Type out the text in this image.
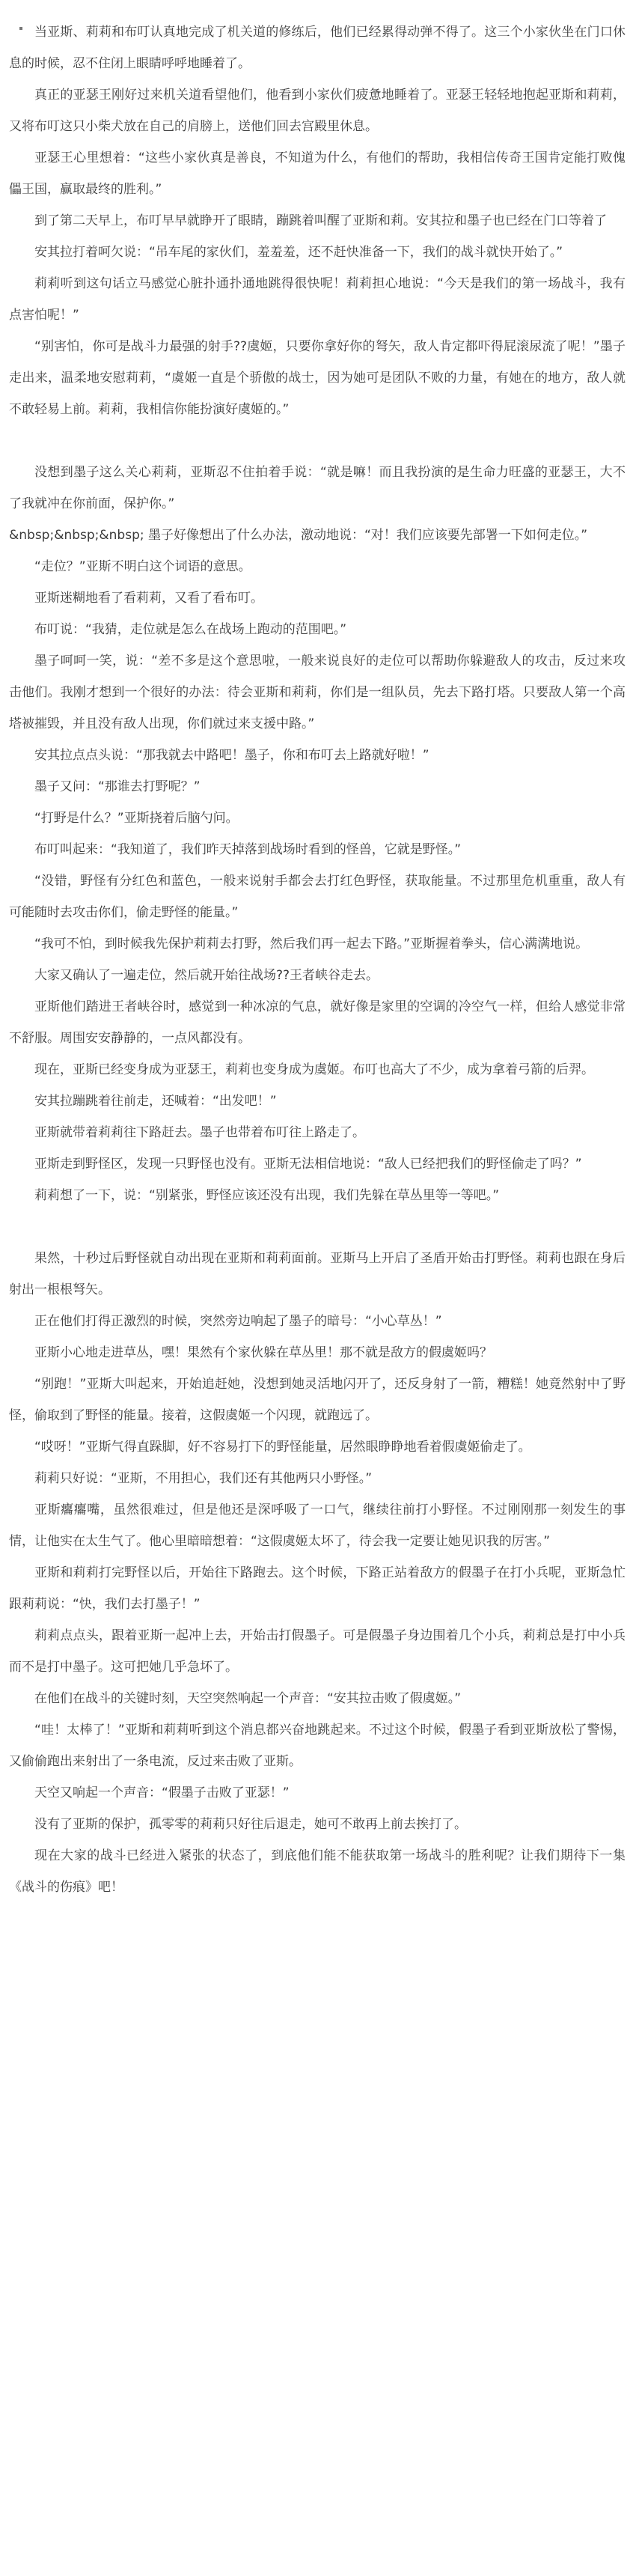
当亚斯、莉莉和布叮认真地完成了机关道的修练后，他们已经累得动弹不得了。这三个小家伙坐在门口休息的时候，忍不住闭上眼睛呼呼地睡着了。

真正的亚瑟王刚好过来机关道看望他们，他看到小家伙们疲惫地睡着了。亚瑟王轻轻地抱起亚斯和莉莉，又将布叮这只小柴犬放在自己的肩膀上，送他们回去宫殿里休息。

亚瑟王心里想着：“这些小家伙真是善良，不知道为什么，有他们的帮助，我相信传奇王国肯定能打败傀儡王国，赢取最终的胜利。”

到了第二天早上，布叮早早就睁开了眼睛，蹦跳着叫醒了亚斯和莉。安其拉和墨子也已经在门口等着了

安其拉打着呵欠说：“吊车尾的家伙们，羞羞羞，还不赶快准备一下，我们的战斗就快开始了。”

莉莉听到这句话立马感觉心脏扑通扑通地跳得很快呢！莉莉担心地说：“今天是我们的第一场战斗，我有点害怕呢！”

“别害怕，你可是战斗力最强的射手??虞姬，只要你拿好你的弩矢，敌人肯定都吓得屁滚尿流了呢！”墨子走出来，温柔地安慰莉莉，“虞姬一直是个骄傲的战士，因为她可是团队不败的力量，有她在的地方，敌人就不敢轻易上前。莉莉，我相信你能扮演好虞姬的。”

没想到墨子这么关心莉莉，亚斯忍不住拍着手说：“就是嘛！而且我扮演的是生命力旺盛的亚瑟王，大不了我就冲在你前面，保护你。”

&nbsp;&nbsp;&nbsp; 墨子好像想出了什么办法，激动地说：“对！我们应该要先部署一下如何走位。”

“走位？”亚斯不明白这个词语的意思。

亚斯迷糊地看了看莉莉，又看了看布叮。

布叮说：“我猜，走位就是怎么在战场上跑动的范围吧。”

墨子呵呵一笑，说：“差不多是这个意思啦，一般来说良好的走位可以帮助你躲避敌人的攻击，反过来攻击他们。我刚才想到一个很好的办法：待会亚斯和莉莉，你们是一组队员，先去下路打塔。只要敌人第一个高塔被摧毁，并且没有敌人出现，你们就过来支援中路。”

安其拉点点头说：“那我就去中路吧！墨子，你和布叮去上路就好啦！”

墨子又问：“那谁去打野呢？”

“打野是什么？”亚斯挠着后脑勺问。

布叮叫起来：“我知道了，我们昨天掉落到战场时看到的怪兽，它就是野怪。”

“没错，野怪有分红色和蓝色，一般来说射手都会去打红色野怪，获取能量。不过那里危机重重，敌人有可能随时去攻击你们，偷走野怪的能量。”

“我可不怕，到时候我先保护莉莉去打野，然后我们再一起去下路。”亚斯握着拳头，信心满满地说。

大家又确认了一遍走位，然后就开始往战场??王者峡谷走去。

亚斯他们踏进王者峡谷时，感觉到一种冰凉的气息，就好像是家里的空调的冷空气一样，但给人感觉非常不舒服。周围安安静静的，一点风都没有。

现在，亚斯已经变身成为亚瑟王，莉莉也变身成为虞姬。布叮也高大了不少，成为拿着弓箭的后羿。

安其拉蹦跳着往前走，还喊着：“出发吧！”

亚斯就带着莉莉往下路赶去。墨子也带着布叮往上路走了。

亚斯走到野怪区，发现一只野怪也没有。亚斯无法相信地说：“敌人已经把我们的野怪偷走了吗？”

莉莉想了一下，说：“别紧张，野怪应该还没有出现，我们先躲在草丛里等一等吧。”

果然，十秒过后野怪就自动出现在亚斯和莉莉面前。亚斯马上开启了圣盾开始击打野怪。莉莉也跟在身后射出一根根弩矢。

正在他们打得正激烈的时候，突然旁边响起了墨子的暗号：“小心草丛！”

亚斯小心地走进草丛，嘿！果然有个家伙躲在草丛里！那不就是敌方的假虞姬吗？

“别跑！”亚斯大叫起来，开始追赶她，没想到她灵活地闪开了，还反身射了一箭，糟糕！她竟然射中了野怪，偷取到了野怪的能量。接着，这假虞姬一个闪现，就跑远了。

“哎呀！”亚斯气得直跺脚，好不容易打下的野怪能量，居然眼睁睁地看着假虞姬偷走了。

莉莉只好说：“亚斯，不用担心，我们还有其他两只小野怪。”

亚斯癟癟嘴，虽然很难过，但是他还是深呼吸了一口气，继续往前打小野怪。不过刚刚那一刻发生的事情，让他实在太生气了。他心里暗暗想着：“这假虞姬太坏了，待会我一定要让她见识我的厉害。”

亚斯和莉莉打完野怪以后，开始往下路跑去。这个时候，下路正站着敌方的假墨子在打小兵呢，亚斯急忙跟莉莉说：“快，我们去打墨子！”

莉莉点点头，跟着亚斯一起冲上去，开始击打假墨子。可是假墨子身边围着几个小兵，莉莉总是打中小兵而不是打中墨子。这可把她几乎急坏了。

在他们在战斗的关键时刻，天空突然响起一个声音：“安其拉击败了假虞姬。”

“哇！太棒了！”亚斯和莉莉听到这个消息都兴奋地跳起来。不过这个时候，假墨子看到亚斯放松了警惕，又偷偷跑出来射出了一条电流，反过来击败了亚斯。

天空又响起一个声音：“假墨子击败了亚瑟！”

没有了亚斯的保护，孤零零的莉莉只好往后退走，她可不敢再上前去挨打了。

现在大家的战斗已经进入紧张的状态了，到底他们能不能获取第一场战斗的胜利呢？让我们期待下一集《战斗的伤痕》吧！
